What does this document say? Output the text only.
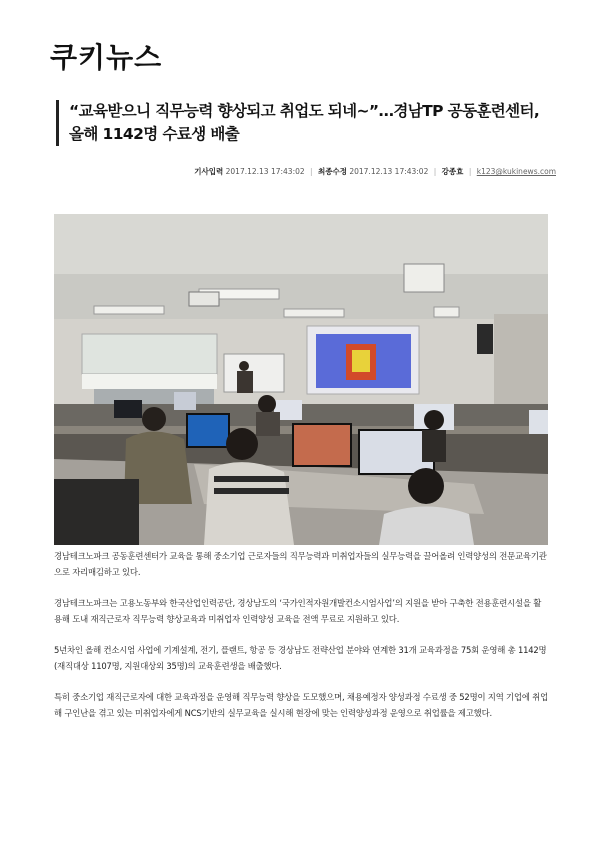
쿠키뉴스
“교육받으니 직무능력 향상되고 취업도 되네~”…경남TP 공동훈련센터,
올해 1142명 수료생 배출
기사입력 2017.12.13 17:43:02 | 최종수정 2017.12.13 17:43:02 | 강종효 | k123@kukinews.com

경남테크노파크 공동훈련센터가 교육을 통해 중소기업 근로자들의 직무능력과 미취업자들의 실무능력을 끌어올려 인력양성의 전문교육기관으로 자리매김하고 있다.

경남테크노파크는 고용노동부와 한국산업인력공단, 경상남도의 ‘국가인적자원개발컨소시엄사업’의 지원을 받아 구축한 전용훈련시설을 활용해 도내 재직근로자 직무능력 향상교육과 미취업자 인력양성 교육을 전액 무료로 지원하고 있다.

5년차인 올해 컨소시엄 사업에 기계설계, 전기, 플랜트, 항공 등 경상남도 전략산업 분야와 연계한 31개 교육과정을 75회 운영해 총 1142명(재직대상 1107명, 지원대상외 35명)의 교육훈련생을 배출했다.

특히 중소기업 재직근로자에 대한 교육과정을 운영해 직무능력 향상을 도모했으며, 채용예정자 양성과정 수료생 중 52명이 지역 기업에 취업해 구인난을 겪고 있는 미취업자에게 NCS기반의 실무교육을 실시해 현장에 맞는 인력양성과정 운영으로 취업률을 제고했다.
